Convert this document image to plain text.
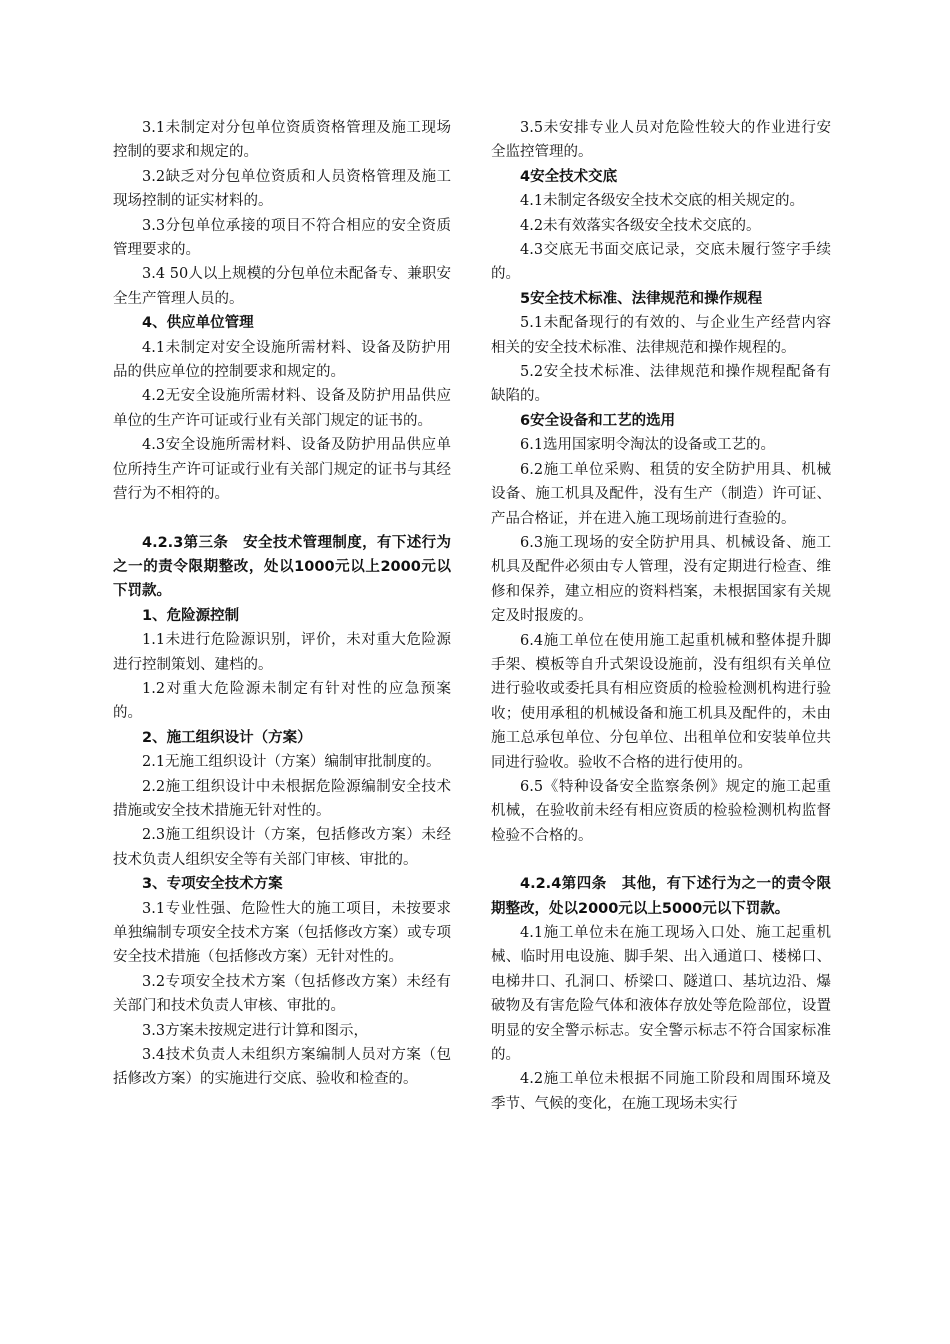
3.1未制定对分包单位资质资格管理及施工现场控制的要求和规定的。

3.2缺乏对分包单位资质和人员资格管理及施工现场控制的证实材料的。

3.3分包单位承接的项目不符合相应的安全资质管理要求的。

3.4 50人以上规模的分包单位未配备专、兼职安全生产管理人员的。

4、供应单位管理

4.1未制定对安全设施所需材料、设备及防护用品的供应单位的控制要求和规定的。

4.2无安全设施所需材料、设备及防护用品供应单位的生产许可证或行业有关部门规定的证书的。

4.3安全设施所需材料、设备及防护用品供应单位所持生产许可证或行业有关部门规定的证书与其经营行为不相符的。

4.2.3第三条　安全技术管理制度，有下述行为之一的责令限期整改，处以1000元以上2000元以下罚款。

1、危险源控制

1.1未进行危险源识别，评价，未对重大危险源进行控制策划、建档的。

1.2对重大危险源未制定有针对性的应急预案的。

2、施工组织设计（方案）

2.1无施工组织设计（方案）编制审批制度的。

2.2施工组织设计中未根据危险源编制安全技术措施或安全技术措施无针对性的。

2.3施工组织设计（方案，包括修改方案）未经技术负责人组织安全等有关部门审核、审批的。

3、专项安全技术方案

3.1专业性强、危险性大的施工项目，未按要求单独编制专项安全技术方案（包括修改方案）或专项安全技术措施（包括修改方案）无针对性的。

3.2专项安全技术方案（包括修改方案）未经有关部门和技术负责人审核、审批的。

3.3方案未按规定进行计算和图示，

3.4技术负责人未组织方案编制人员对方案（包括修改方案）的实施进行交底、验收和检查的。

3.5未安排专业人员对危险性较大的作业进行安全监控管理的。

4安全技术交底

4.1未制定各级安全技术交底的相关规定的。

4.2未有效落实各级安全技术交底的。

4.3交底无书面交底记录，交底未履行签字手续的。

5安全技术标准、法律规范和操作规程

5.1未配备现行的有效的、与企业生产经营内容相关的安全技术标准、法律规范和操作规程的。

5.2安全技术标准、法律规范和操作规程配备有缺陷的。

6安全设备和工艺的选用

6.1选用国家明令淘汰的设备或工艺的。

6.2施工单位采购、租赁的安全防护用具、机械设备、施工机具及配件，没有生产（制造）许可证、产品合格证，并在进入施工现场前进行查验的。

6.3施工现场的安全防护用具、机械设备、施工机具及配件必须由专人管理，没有定期进行检查、维修和保养，建立相应的资料档案，未根据国家有关规定及时报废的。

6.4施工单位在使用施工起重机械和整体提升脚手架、模板等自升式架设设施前，没有组织有关单位进行验收或委托具有相应资质的检验检测机构进行验收；使用承租的机械设备和施工机具及配件的，未由施工总承包单位、分包单位、出租单位和安装单位共同进行验收。验收不合格的进行使用的。

6.5《特种设备安全监察条例》规定的施工起重机械，在验收前未经有相应资质的检验检测机构监督检验不合格的。

4.2.4第四条　其他，有下述行为之一的责令限期整改，处以2000元以上5000元以下罚款。

4.1施工单位未在施工现场入口处、施工起重机械、临时用电设施、脚手架、出入通道口、楼梯口、电梯井口、孔洞口、桥梁口、隧道口、基坑边沿、爆破物及有害危险气体和液体存放处等危险部位，设置明显的安全警示标志。安全警示标志不符合国家标准的。

4.2施工单位未根据不同施工阶段和周围环境及季节、气候的变化，在施工现场未实行
